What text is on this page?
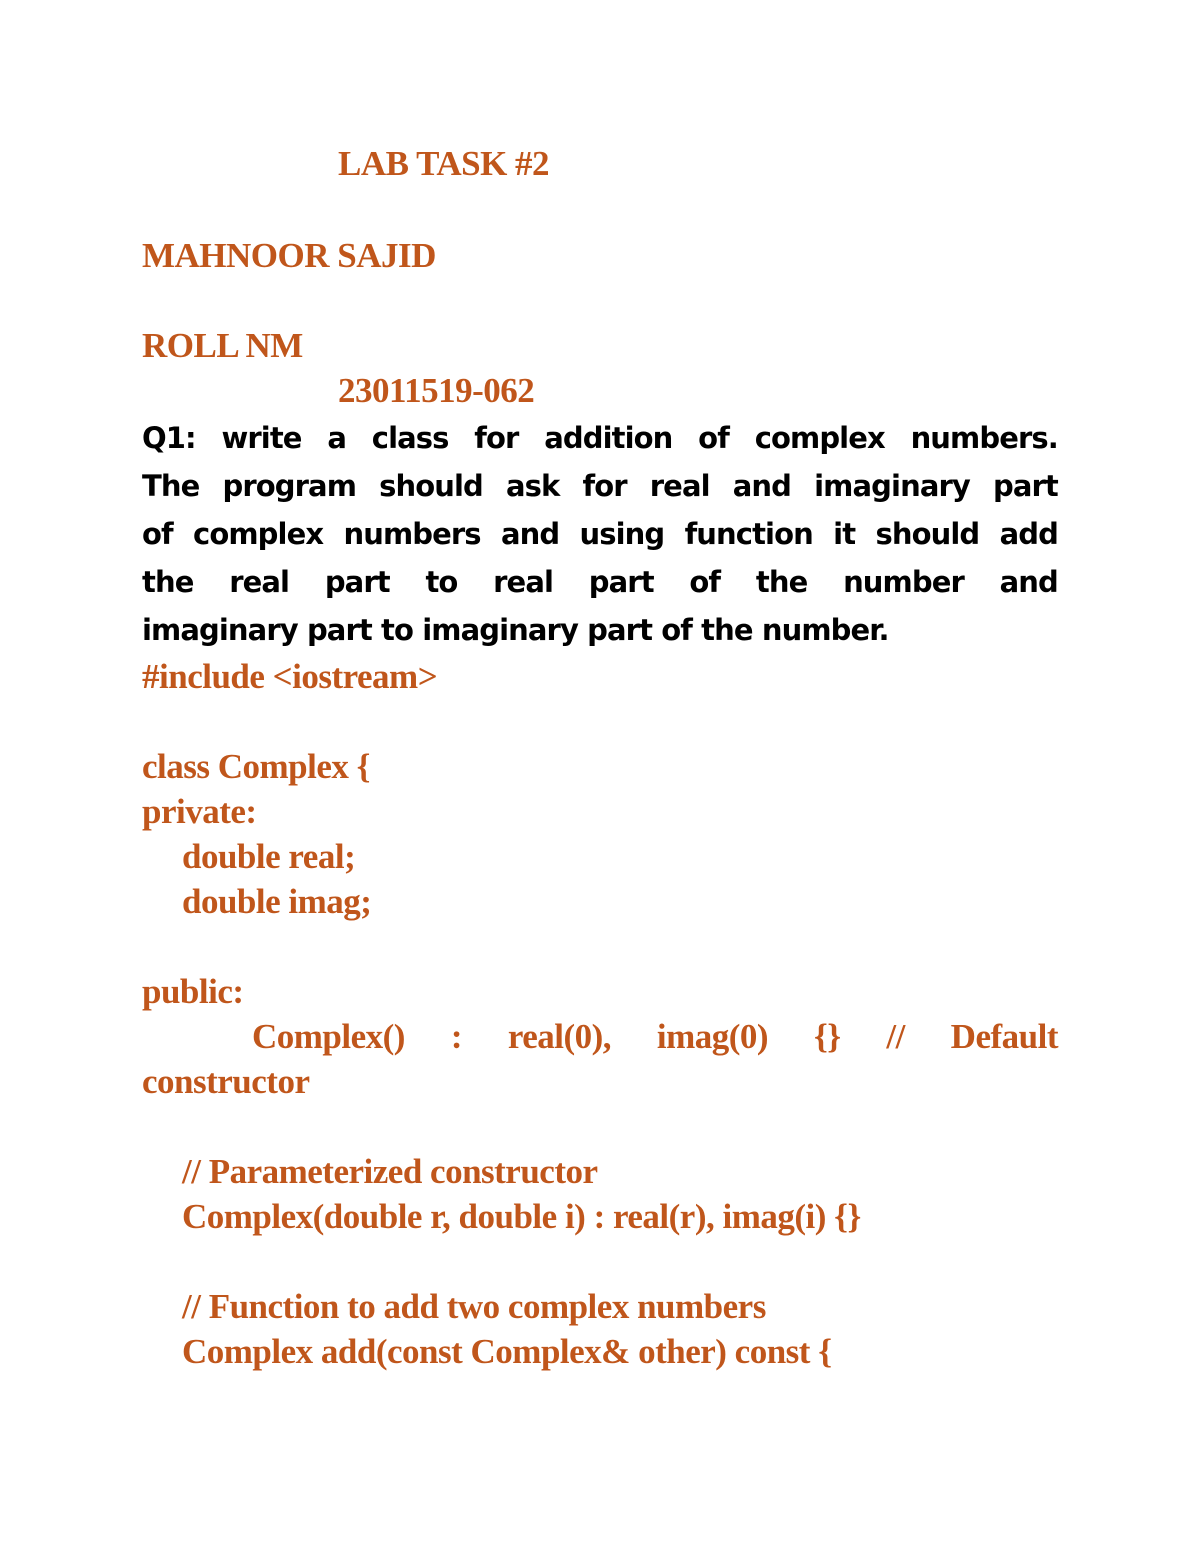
LAB TASK #2
MAHNOOR SAJID
ROLL NM
23011519-062
Q1: write a class for addition of complex numbers.
The program should ask for real and imaginary part
of complex numbers and using function it should add
the real part to real part of the number and
imaginary part to imaginary part of the number.
#include <iostream>
class Complex {
private:
double real;
double imag;
public:
Complex() : real(0), imag(0) {} // Default
constructor
// Parameterized constructor
Complex(double r, double i) : real(r), imag(i) {}
// Function to add two complex numbers
Complex add(const Complex& other) const {
